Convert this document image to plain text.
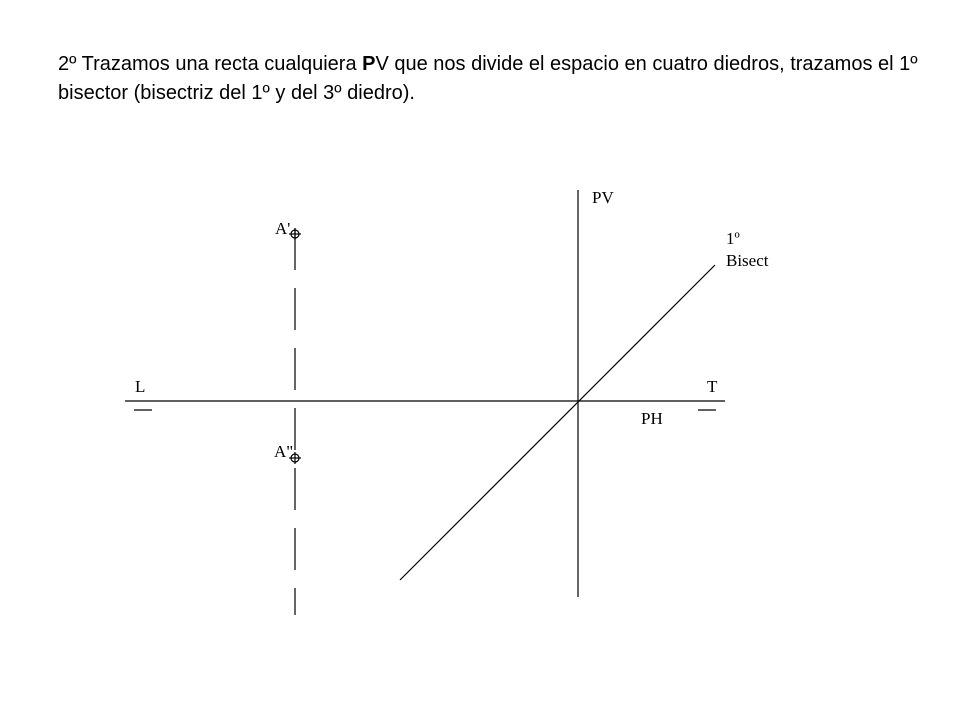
2º Trazamos una recta cualquiera PV que nos divide el espacio en cuatro diedros, trazamos el 1º bisector (bisectriz del 1º y del 3º diedro).
PV
1º
Bisect
L	T
PH
A'
A"
